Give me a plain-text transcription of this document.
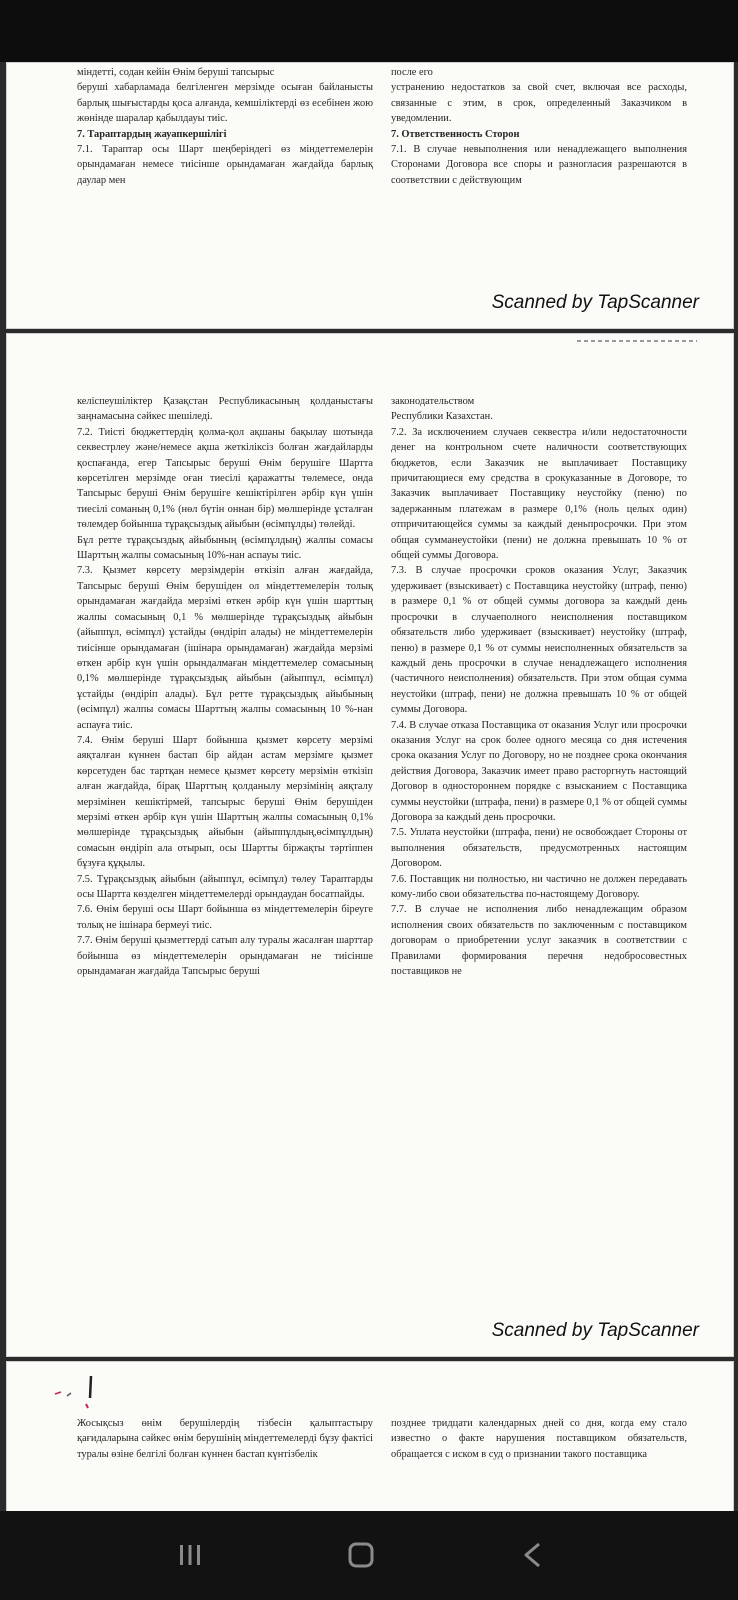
міндетті, содан кейін Өнім беруші тапсырыс

беруші хабарламада белгіленген мерзімде осыған байланысты барлық шығыстарды қоса алғанда, кемшіліктерді өз есебінен жою жөнінде шаралар қабылдауы тиіс.

7. Тараптардың жауапкершілігі

7.1. Тараптар осы Шарт шеңберіндегі өз міндеттемелерін орындамаған немесе тиісінше орындамаған жағдайда барлық даулар мен

после его

устранению недостатков за свой счет, включая все расходы, связанные с этим, в срок, определенный Заказчиком в уведомлении.

7. Ответственность Сторон

7.1. В случае невыполнения или ненадлежащего выполнения Сторонами Договора все споры и разногласия разрешаются в соответствии с действующим

Scanned by TapScanner

келіспеушіліктер Қазақстан Республикасының қолданыстағы заңнамасына сәйкес шешіледі.

7.2. Тиісті бюджеттердің қолма-қол ақшаны бақылау шотында секвестрлеу және/немесе ақша жеткіліксіз болған жағдайларды қоспағанда, егер Тапсырыс беруші Өнім берушіге Шартта көрсетілген мерзімде оған тиесілі қаражатты төлемесе, онда Тапсырыс беруші Өнім берушіге кешіктірілген әрбір күн үшін тиесілі соманың 0,1% (нөл бүтін оннан бір) мөлшерінде ұсталған төлемдер бойынша тұрақсыздық айыбын (өсімпұлды) төлейді.

Бұл ретте тұрақсыздық айыбының (өсімпұлдың) жалпы сомасы Шарттың жалпы сомасының 10%-нан аспауы тиіс.

7.3. Қызмет көрсету мерзімдерін өткізіп алған жағдайда, Тапсырыс беруші Өнім берушіден ол міндеттемелерін толық орындамаған жағдайда мерзімі өткен әрбір күн үшін шарттың жалпы сомасының 0,1 % мөлшерінде тұрақсыздық айыбын (айыппұл, өсімпұл) ұстайды (өндіріп алады) не міндеттемелерін тиісінше орындамаған (ішінара орындамаған) жағдайда мерзімі өткен әрбір күн үшін орындалмаған міндеттемелер сомасының 0,1% мөлшерінде тұрақсыздық айыбын (айыппұл, өсімпұл) ұстайды (өндіріп алады). Бұл ретте тұрақсыздық айыбының (өсімпұл) жалпы сомасы Шарттың жалпы сомасының 10 %-нан аспауға тиіс.

7.4. Өнім беруші Шарт бойынша қызмет көрсету мерзімі аяқталған күннен бастап бір айдан астам мерзімге қызмет көрсетуден бас тартқан немесе қызмет көрсету мерзімін өткізіп алған жағдайда, бірақ Шарттың қолданылу мерзімінің аяқталу мерзімінен кешіктірмей, тапсырыс беруші Өнім берушіден мерзімі өткен әрбір күн үшін Шарттың жалпы сомасының 0,1% мөлшерінде тұрақсыздық айыбын (айыппұлдың,өсімпұлдың) сомасын өндіріп ала отырып, осы Шартты біржақты тәртіппен бұзуға құқылы.

7.5. Тұрақсыздық айыбын (айыппұл, өсімпұл) төлеу Тараптарды осы Шартта көзделген міндеттемелерді орындаудан босатпайды.

7.6. Өнім беруші осы Шарт бойынша өз міндеттемелерін біреуге толық не ішінара бермеуі тиіс.

7.7. Өнім беруші қызметтерді сатып алу туралы жасалған шарттар бойынша өз міндеттемелерін орындамаған не тиісінше орындамаған жағдайда Тапсырыс беруші

законодательством

Республики Казахстан.

7.2. За исключением случаев секвестра и/или недостаточности денег на контрольном счете наличности соответствующих бюджетов, если Заказчик не выплачивает Поставщику причитающиеся ему средства в срокуказанные в Договоре, то Заказчик выплачивает Поставщику неустойку (пеню) по задержанным платежам в размере 0,1% (ноль целых один) отпричитающейся суммы за каждый деньпросрочки. При этом общая сумманеустойки (пени) не должна превышать 10 % от общей суммы Договора.

7.3. В случае просрочки сроков оказания Услуг, Заказчик удерживает (взыскивает) с Поставщика неустойку (штраф, пеню) в размере 0,1 % от общей суммы договора за каждый день просрочки в случаеполного неисполнения поставщиком обязательств либо удерживает (взыскивает) неустойку (штраф, пеню) в размере 0,1 % от суммы неисполненных обязательств за каждый день просрочки в случае ненадлежащего исполнения (частичного неисполнения) обязательств. При этом общая сумма неустойки (штраф, пени) не должна превышать 10 % от общей суммы Договора.

7.4. В случае отказа Поставщика от оказания Услуг или просрочки оказания Услуг на срок более одного месяца со дня истечения срока оказания Услуг по Договору, но не позднее срока окончания действия Договора, Заказчик имеет право расторгнуть настоящий Договор в одностороннем порядке с взысканием с Поставщика суммы неустойки (штрафа, пени) в размере 0,1 % от общей суммы Договора за каждый день просрочки.

7.5. Уплата неустойки (штрафа, пени) не освобождает Стороны от выполнения обязательств, предусмотренных настоящим Договором.

7.6. Поставщик ни полностью, ни частично не должен передавать кому-либо свои обязательства по-настоящему Договору.

7.7. В случае не исполнения либо ненадлежащим образом исполнения своих обязательств по заключенным с поставщиком договорам о приобретении услуг заказчик в соответствии с Правилами формирования перечня недобросовестных поставщиков не

Scanned by TapScanner

Жосықсыз өнім берушілердің тізбесін қалыптастыру қағидаларына сәйкес өнім берушінің міндеттемелерді бұзу фактісі туралы өзіне белгілі болған күннен бастап күнтізбелік

позднее тридцати календарных дней со дня, когда ему стало известно о факте нарушения поставщиком обязательств, обращается с иском в суд о признании такого поставщика
